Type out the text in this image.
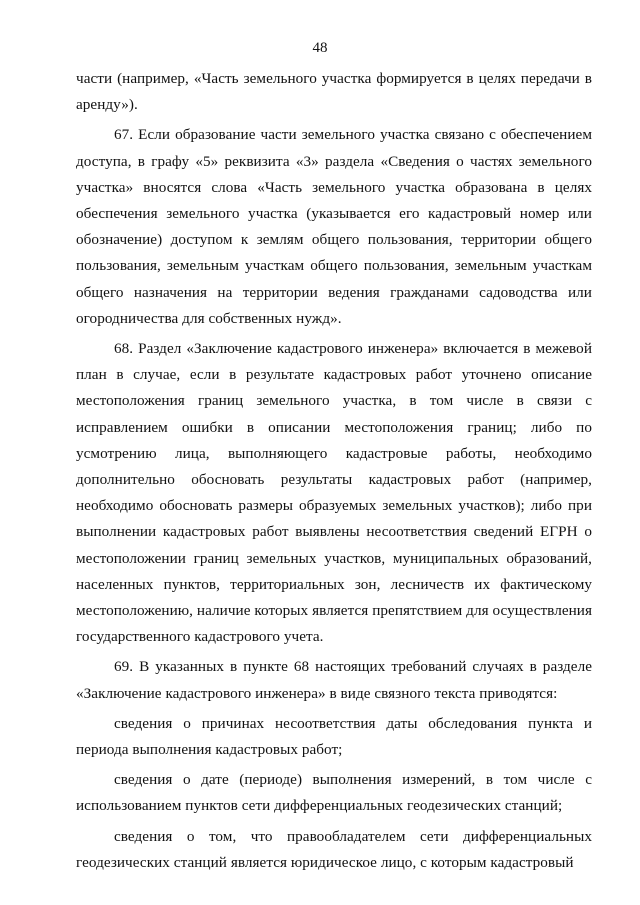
48

части (например, «Часть земельного участка формируется в целях передачи в аренду»).

67. Если образование части земельного участка связано с обеспечением доступа, в графу «5» реквизита «3» раздела «Сведения о частях земельного участка» вносятся слова «Часть земельного участка образована в целях обеспечения земельного участка (указывается его кадастровый номер или обозначение) доступом к землям общего пользования, территории общего пользования, земельным участкам общего пользования, земельным участкам общего назначения на территории ведения гражданами садоводства или огородничества для собственных нужд».

68. Раздел «Заключение кадастрового инженера» включается в межевой план в случае, если в результате кадастровых работ уточнено описание местоположения границ земельного участка, в том числе в связи с исправлением ошибки в описании местоположения границ; либо по усмотрению лица, выполняющего кадастровые работы, необходимо дополнительно обосновать результаты кадастровых работ (например, необходимо обосновать размеры образуемых земельных участков); либо при выполнении кадастровых работ выявлены несоответствия сведений ЕГРН о местоположении границ земельных участков, муниципальных образований, населенных пунктов, территориальных зон, лесничеств их фактическому местоположению, наличие которых является препятствием для осуществления государственного кадастрового учета.

69. В указанных в пункте 68 настоящих требований случаях в разделе «Заключение кадастрового инженера» в виде связного текста приводятся:

сведения о причинах несоответствия даты обследования пункта и периода выполнения кадастровых работ;

сведения о дате (периоде) выполнения измерений, в том числе с использованием пунктов сети дифференциальных геодезических станций;

сведения о том, что правообладателем сети дифференциальных геодезических станций является юридическое лицо, с которым кадастровый
